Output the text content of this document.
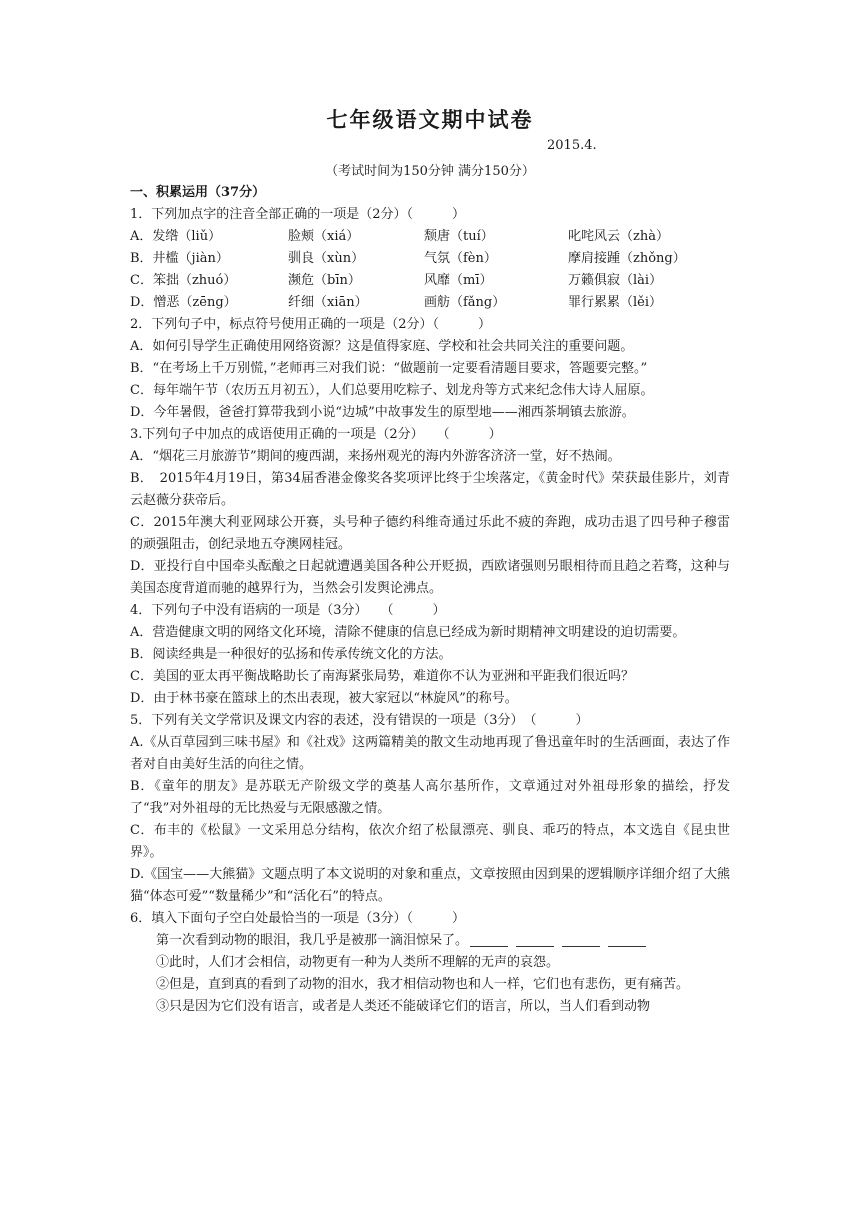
七年级语文期中试卷
2015.4.
（考试时间为150分钟 满分150分）
一、积累运用（37分）
1．下列加点字的注音全部正确的一项是（2分）（　　　）
A．发绺（liǔ）	脸颊（xiá）	颓唐（tuí）	叱咤风云（zhà）
B．井槛（jiàn）	驯良（xùn）	气氛（fèn）	摩肩接踵（zhǒng）
C．笨拙（zhuó）	濒危（bīn）	风靡（mī）	万籁俱寂（lài）
D．憎恶（zēng）	纤细（xiān）	画舫（fǎng）	罪行累累（lěi）
2．下列句子中，标点符号使用正确的一项是（2分）（　　　）
A．如何引导学生正确使用网络资源？这是值得家庭、学校和社会共同关注的重要问题。
B．“在考场上千万别慌，”老师再三对我们说：“做题前一定要看清题目要求，答题要完整。”
C．每年端午节（农历五月初五），人们总要用吃粽子、划龙舟等方式来纪念伟大诗人屈原。
D．今年暑假，爸爸打算带我到小说“边城”中故事发生的原型地——湘西茶垌镇去旅游。
3.下列句子中加点的成语使用正确的一项是（2分）　　（　　　）
A．“烟花三月旅游节”期间的瘦西湖，来扬州观光的海内外游客济济一堂，好不热闹。
B．　2015年4月19日，第34届香港金像奖各奖项评比终于尘埃落定，《黄金时代》荣获最佳影片，刘青云赵薇分获帝后。
C．2015年澳大利亚网球公开赛，头号种子德约科维奇通过乐此不疲的奔跑，成功击退了四号种子穆雷的顽强阻击，创纪录地五夺澳网桂冠。
D．亚投行自中国牵头酝酿之日起就遭遇美国各种公开贬损，西欧诸强则另眼相待而且趋之若骛，这种与美国态度背道而驰的越界行为，当然会引发舆论沸点。
4．下列句子中没有语病的一项是（3分）　　（　　　）
A．营造健康文明的网络文化环境，清除不健康的信息已经成为新时期精神文明建设的迫切需要。
B．阅读经典是一种很好的弘扬和传承传统文化的方法。
C．美国的亚太再平衡战略助长了南海紧张局势，难道你不认为亚洲和平距我们很近吗？
D．由于林书豪在篮球上的杰出表现，被大家冠以“林旋风”的称号。
5．下列有关文学常识及课文内容的表述，没有错误的一项是（3分）　（　　　）
A.《从百草园到三味书屋》和《社戏》这两篇精美的散文生动地再现了鲁迅童年时的生活画面，表达了作者对自由美好生活的向往之情。
B．《童年的朋友》是苏联无产阶级文学的奠基人高尔基所作，文章通过对外祖母形象的描绘，抒发了“我”对外祖母的无比热爱与无限感激之情。
C．布丰的《松鼠》一文采用总分结构，依次介绍了松鼠漂亮、驯良、乖巧的特点，本文选自《昆虫世界》。
D.《国宝——大熊猫》文题点明了本文说明的对象和重点，文章按照由因到果的逻辑顺序详细介绍了大熊猫“体态可爱”“数量稀少”和“活化石”的特点。
6．填入下面句子空白处最恰当的一项是（3分）（　　　）
第一次看到动物的眼泪，我几乎是被那一滴泪惊呆了。
①此时，人们才会相信，动物更有一种为人类所不理解的无声的哀怨。
②但是，直到真的看到了动物的泪水，我才相信动物也和人一样，它们也有悲伤，更有痛苦。
③只是因为它们没有语言，或者是人类还不能破译它们的语言，所以，当人们看到动物
